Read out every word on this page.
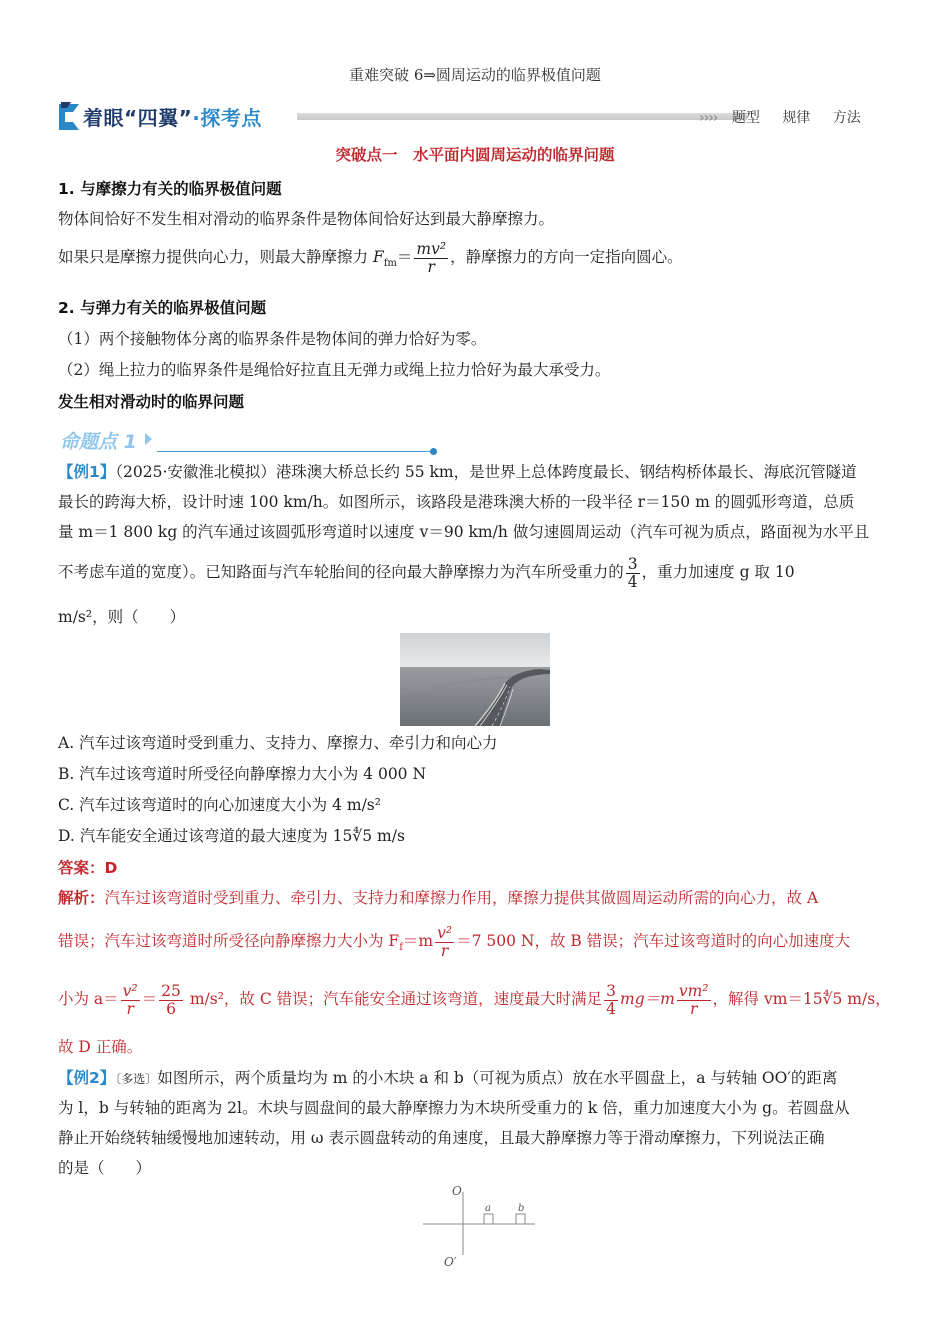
重难突破 6⇒圆周运动的临界极值问题
着眼“四翼”·探考点	›››› 题型 规律 方法
突破点一　水平面内圆周运动的临界问题
1. 与摩擦力有关的临界极值问题
物体间恰好不发生相对滑动的临界条件是物体间恰好达到最大静摩擦力。
如果只是摩擦力提供向心力，则最大静摩擦力 $F_{fm}= \frac{\text{mv²}}{r}$ ，静摩擦力的方向一定指向圆心。
2. 与弹力有关的临界极值问题
（1）两个接触物体分离的临界条件是物体间的弹力恰好为零。
（2）绳上拉力的临界条件是绳恰好拉直且无弹力或绳上拉力恰好为最大承受力。
发生相对滑动时的临界问题
命题点 1
【例1】（2025·安徽淮北模拟）港珠澳大桥总长约 55 km，是世界上总体跨度最长、钢结构桥体最长、海底沉管隧道
最长的跨海大桥，设计时速 100 km/h。如图所示，该路段是港珠澳大桥的一段半径 r＝150 m 的圆弧形弯道，总质
量 m＝1 800 kg 的汽车通过该圆弧形弯道时以速度 v＝90 km/h 做匀速圆周运动（汽车可视为质点，路面视为水平且
不考虑车道的宽度）。已知路面与汽车轮胎间的径向最大静摩擦力为汽车所受重力的 $\frac{3}{4}$ ，重力加速度 g 取 10
m/s²，则（　　）
A. 汽车过该弯道时受到重力、支持力、摩擦力、牵引力和向心力
B. 汽车过该弯道时所受径向静摩擦力大小为 4 000 N
C. 汽车过该弯道时的向心加速度大小为 4 m/s²
D. 汽车能安全通过该弯道的最大速度为 15∜5 m/s
答案：D
解析：汽车过该弯道时受到重力、牵引力、支持力和摩擦力作用，摩擦力提供其做圆周运动所需的向心力，故 A
错误；汽车过该弯道时所受径向静摩擦力大小为 $F_f=m \frac{\text{v²}}{r} =7$ 500 N，故 B 错误；汽车过该弯道时的向心加速度大
小为 $a= \frac{\text{v²}}{r} = \frac{25}{6} m/s^2$，故 C 错误；汽车能安全通过该弯道，速度最大时满足 $\frac{3}{4} mg=m \frac{\text{vm²}}{r}$ ，解得 vm＝15∜5 m/s，
故 D 正确。
【例2】〔多选〕如图所示，两个质量均为 m 的小木块 a 和 b（可视为质点）放在水平圆盘上，a 与转轴 OO′的距离
为 l，b 与转轴的距离为 2l。木块与圆盘间的最大静摩擦力为木块所受重力的 k 倍，重力加速度大小为 g。若圆盘从
静止开始绕转轴缓慢地加速转动，用 ω 表示圆盘转动的角速度，且最大静摩擦力等于滑动摩擦力，下列说法正确
的是（　　）
O
O′
a	b
